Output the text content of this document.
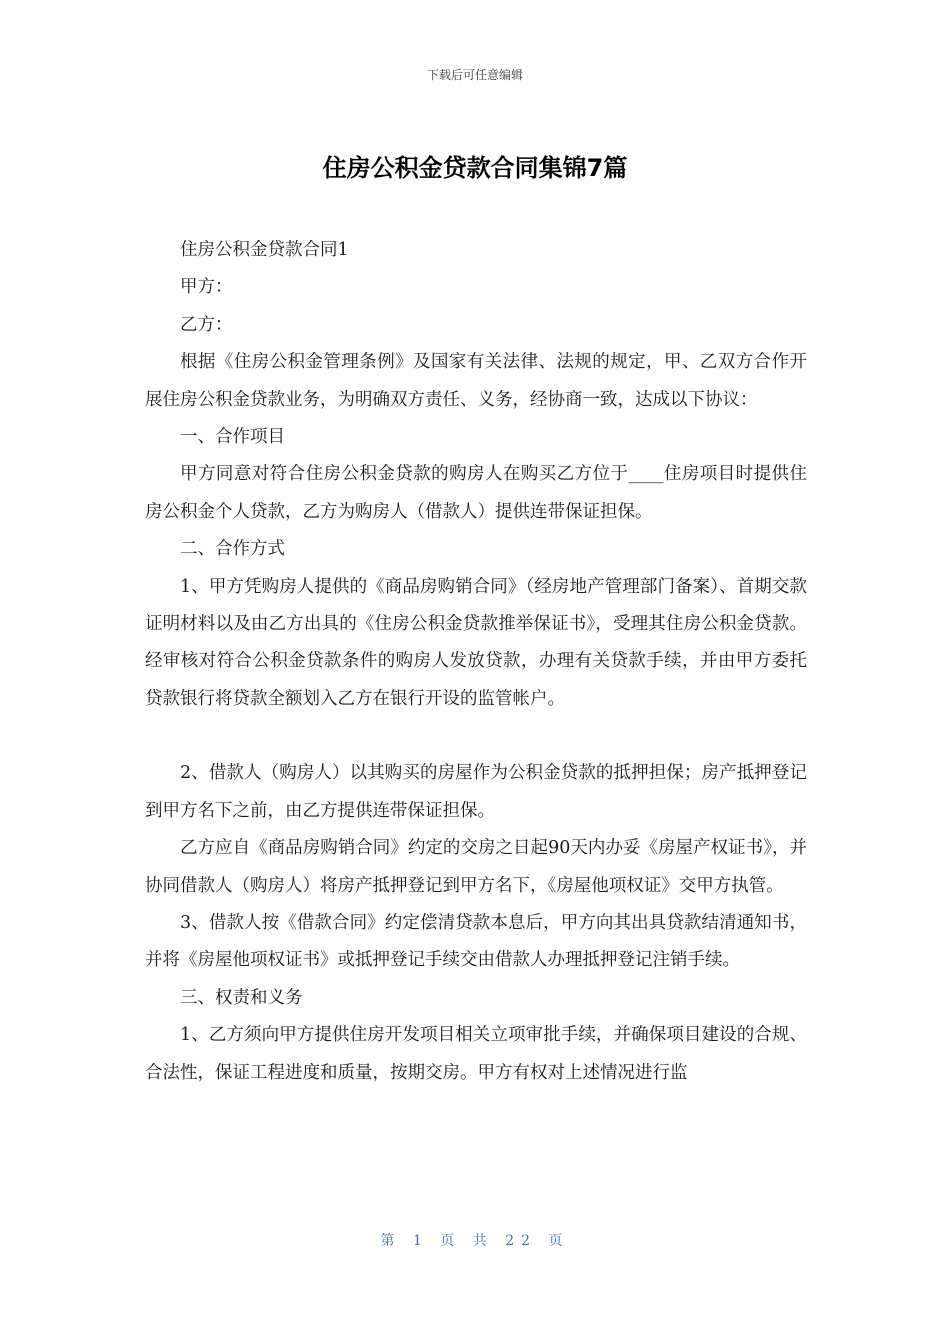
下载后可任意编辑
住房公积金贷款合同集锦7篇

住房公积金贷款合同1

甲方：

乙方：

根据《住房公积金管理条例》及国家有关法律、法规的规定，甲、乙双方合作开展住房公积金贷款业务，为明确双方责任、义务，经协商一致，达成以下协议：

一、合作项目

甲方同意对符合住房公积金贷款的购房人在购买乙方位于____住房项目时提供住房公积金个人贷款，乙方为购房人（借款人）提供连带保证担保。

二、合作方式

1、甲方凭购房人提供的《商品房购销合同》（经房地产管理部门备案）、首期交款证明材料以及由乙方出具的《住房公积金贷款推举保证书》，受理其住房公积金贷款。经审核对符合公积金贷款条件的购房人发放贷款，办理有关贷款手续，并由甲方委托贷款银行将贷款全额划入乙方在银行开设的监管帐户。

2、借款人（购房人）以其购买的房屋作为公积金贷款的抵押担保；房产抵押登记到甲方名下之前，由乙方提供连带保证担保。

乙方应自《商品房购销合同》约定的交房之日起90天内办妥《房屋产权证书》，并协同借款人（购房人）将房产抵押登记到甲方名下，《房屋他项权证》交甲方执管。

3、借款人按《借款合同》约定偿清贷款本息后，甲方向其出具贷款结清通知书，并将《房屋他项权证书》或抵押登记手续交由借款人办理抵押登记注销手续。

三、权责和义务

1、乙方须向甲方提供住房开发项目相关立项审批手续，并确保项目建设的合规、合法性，保证工程进度和质量，按期交房。甲方有权对上述情况进行监

第 1 页 共 22 页
